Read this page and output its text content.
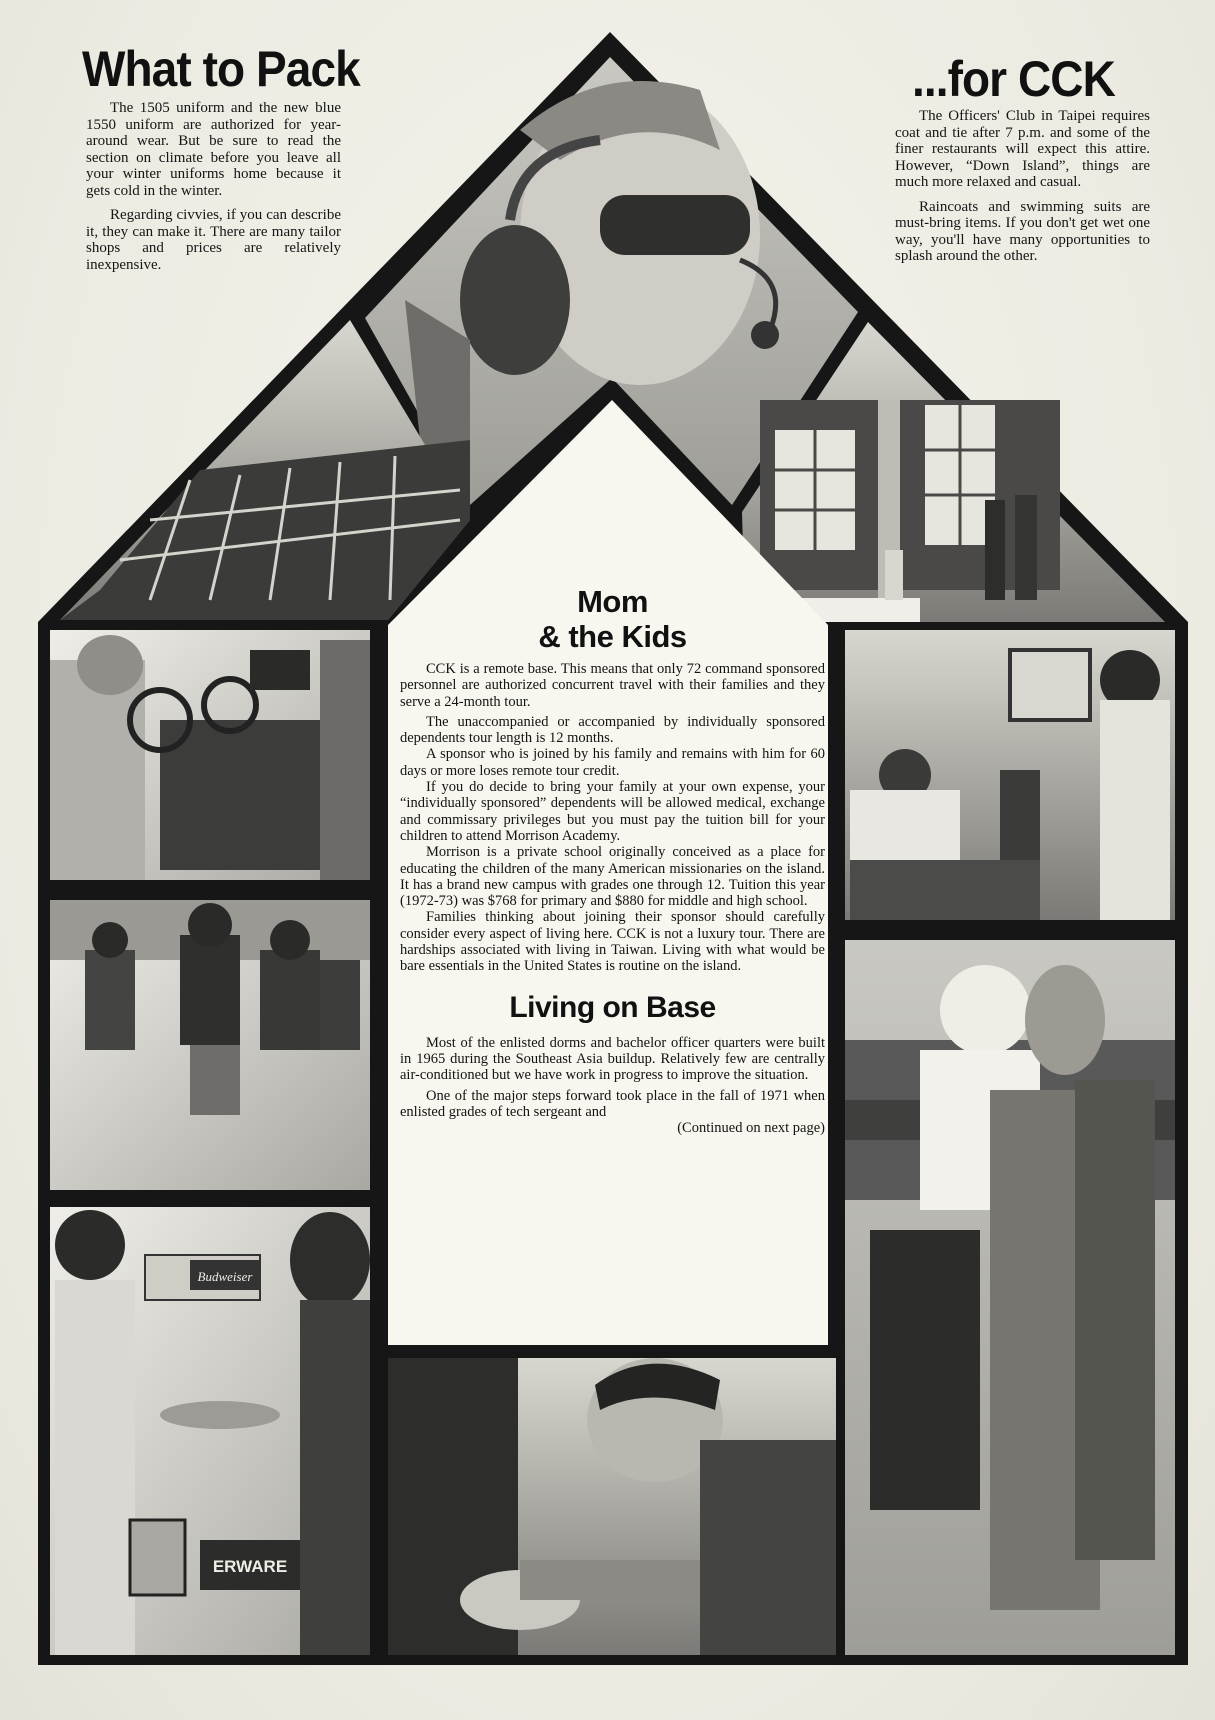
What to Pack

The 1505 uniform and the new blue 1550 uniform are authorized for year-around wear. But be sure to read the section on climate before you leave all your winter uniforms home because it gets cold in the winter.

Regarding civvies, if you can describe it, they can make it. There are many tailor shops and prices are relatively inexpensive.

...for CCK

The Officers' Club in Taipei requires coat and tie after 7 p.m. and some of the finer restaurants will expect this attire. However, “Down Island”, things are much more relaxed and casual.

Raincoats and swimming suits are must-bring items. If you don't get wet one way, you'll have many opportunities to splash around the other.

Budweiser
ERWARE
Mom
& the Kids

CCK is a remote base. This means that only 72 command sponsored personnel are authorized concurrent travel with their families and they serve a 24-month tour.

The unaccompanied or accompanied by individually sponsored dependents tour length is 12 months.

A sponsor who is joined by his family and remains with him for 60 days or more loses remote tour credit.

If you do decide to bring your family at your own expense, your “individually sponsored” dependents will be allowed medical, exchange and commissary privileges but you must pay the tuition bill for your children to attend Morrison Academy.

Morrison is a private school originally conceived as a place for educating the children of the many American missionaries on the island. It has a brand new campus with grades one through 12. Tuition this year (1972-73) was $768 for primary and $880 for middle and high school.

Families thinking about joining their sponsor should carefully consider every aspect of living here. CCK is not a luxury tour. There are hardships associated with living in Taiwan. Living with what would be bare essentials in the United States is routine on the island.

Living on Base

Most of the enlisted dorms and bachelor officer quarters were built in 1965 during the Southeast Asia buildup. Relatively few are centrally air-conditioned but we have work in progress to improve the situation.

One of the major steps forward took place in the fall of 1971 when enlisted grades of tech sergeant and

(Continued on next page)
